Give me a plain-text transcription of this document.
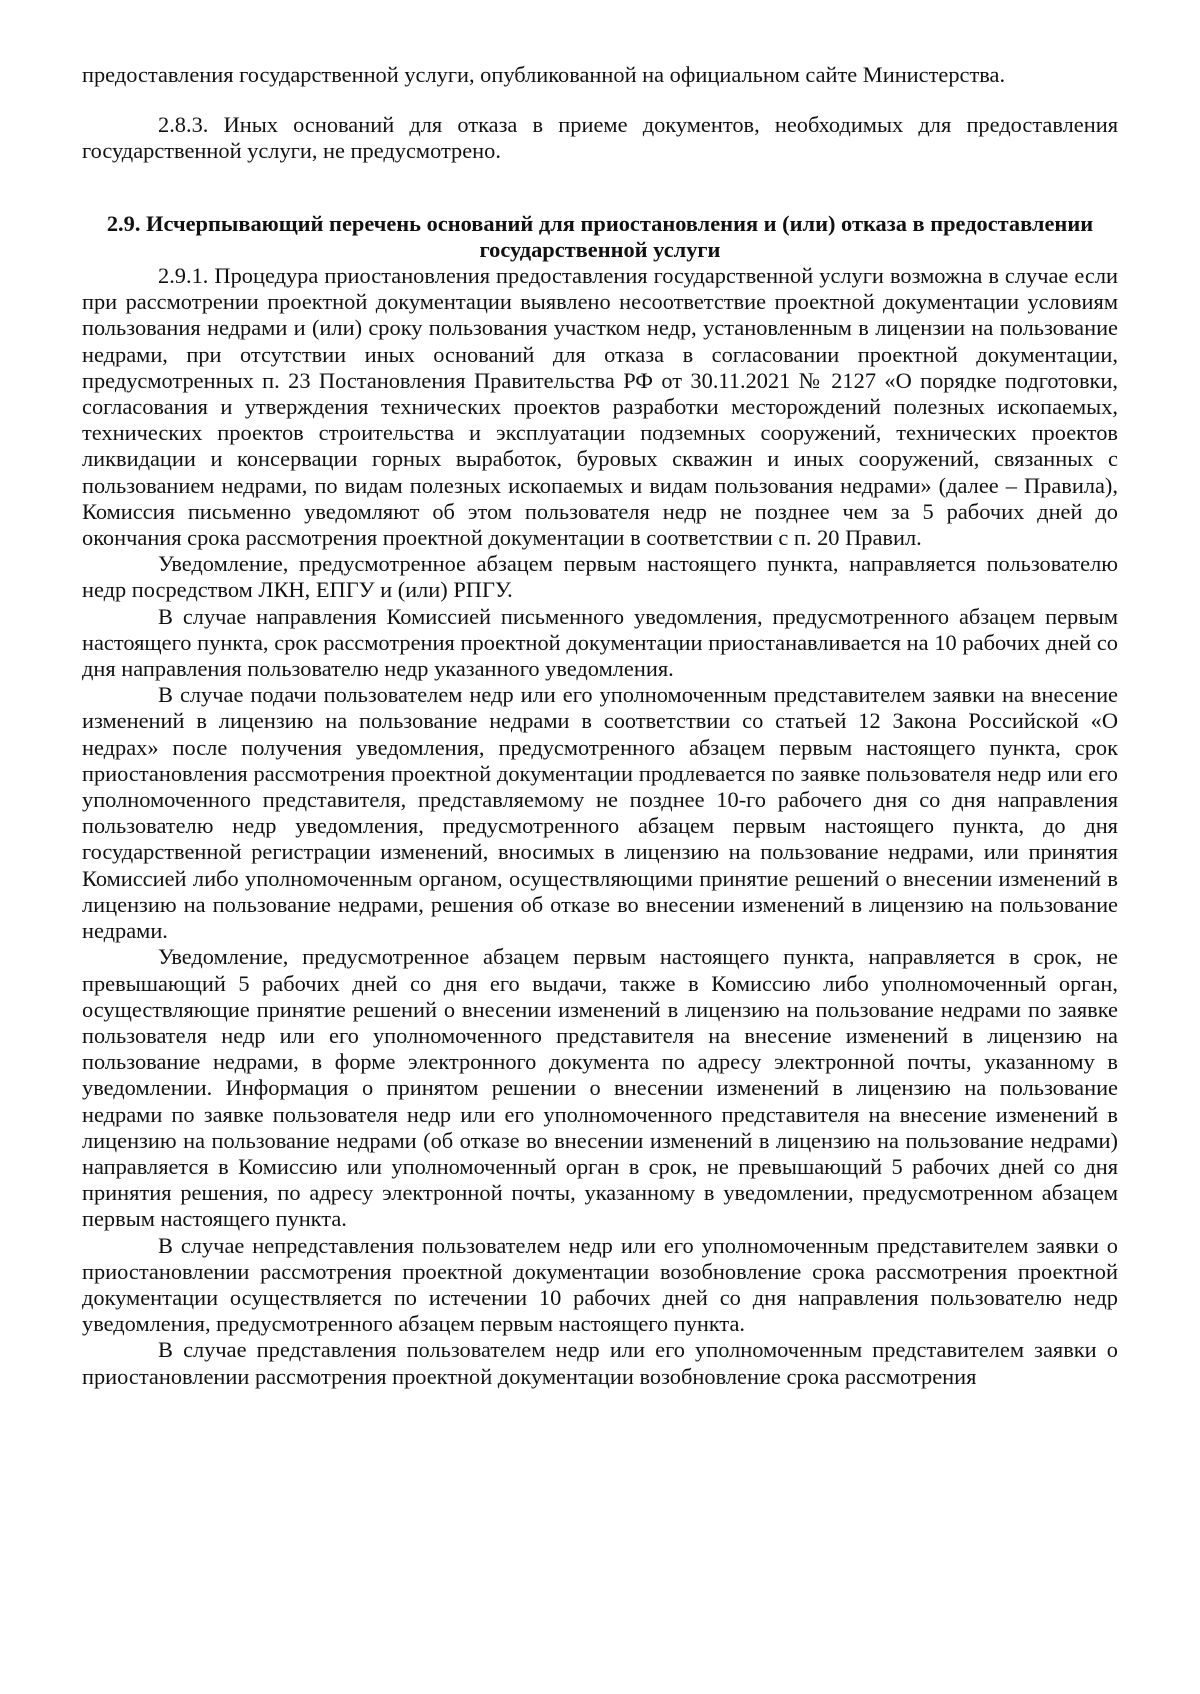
предоставления государственной услуги, опубликованной на официальном сайте Министерства.

2.8.3. Иных оснований для отказа в приеме документов, необходимых для предоставления государственной услуги, не предусмотрено.

2.9. Исчерпывающий перечень оснований для приостановления и (или) отказа в предоставлении государственной услуги

2.9.1. Процедура приостановления предоставления государственной услуги возможна в случае если при рассмотрении проектной документации выявлено несоответствие проектной документации условиям пользования недрами и (или) сроку пользования участком недр, установленным в лицензии на пользование недрами, при отсутствии иных оснований для отказа в согласовании проектной документации, предусмотренных п. 23 Постановления Правительства РФ от 30.11.2021 № 2127 «О порядке подготовки, согласования и утверждения технических проектов разработки месторождений полезных ископаемых, технических проектов строительства и эксплуатации подземных сооружений, технических проектов ликвидации и консервации горных выработок, буровых скважин и иных сооружений, связанных с пользованием недрами, по видам полезных ископаемых и видам пользования недрами» (далее – Правила), Комиссия письменно уведомляют об этом пользователя недр не позднее чем за 5 рабочих дней до окончания срока рассмотрения проектной документации в соответствии с п. 20 Правил.

Уведомление, предусмотренное абзацем первым настоящего пункта, направляется пользователю недр посредством ЛКН, ЕПГУ и (или) РПГУ.

В случае направления Комиссией письменного уведомления, предусмотренного абзацем первым настоящего пункта, срок рассмотрения проектной документации приостанавливается на 10 рабочих дней со дня направления пользователю недр указанного уведомления.

В случае подачи пользователем недр или его уполномоченным представителем заявки на внесение изменений в лицензию на пользование недрами в соответствии со статьей 12 Закона Российской «О недрах» после получения уведомления, предусмотренного абзацем первым настоящего пункта, срок приостановления рассмотрения проектной документации продлевается по заявке пользователя недр или его уполномоченного представителя, представляемому не позднее 10-го рабочего дня со дня направления пользователю недр уведомления, предусмотренного абзацем первым настоящего пункта, до дня государственной регистрации изменений, вносимых в лицензию на пользование недрами, или принятия Комиссией либо уполномоченным органом, осуществляющими принятие решений о внесении изменений в лицензию на пользование недрами, решения об отказе во внесении изменений в лицензию на пользование недрами.

Уведомление, предусмотренное абзацем первым настоящего пункта, направляется в срок, не превышающий 5 рабочих дней со дня его выдачи, также в Комиссию либо уполномоченный орган, осуществляющие принятие решений о внесении изменений в лицензию на пользование недрами по заявке пользователя недр или его уполномоченного представителя на внесение изменений в лицензию на пользование недрами, в форме электронного документа по адресу электронной почты, указанному в уведомлении. Информация о принятом решении о внесении изменений в лицензию на пользование недрами по заявке пользователя недр или его уполномоченного представителя на внесение изменений в лицензию на пользование недрами (об отказе во внесении изменений в лицензию на пользование недрами) направляется в Комиссию или уполномоченный орган в срок, не превышающий 5 рабочих дней со дня принятия решения, по адресу электронной почты, указанному в уведомлении, предусмотренном абзацем первым настоящего пункта.

В случае непредставления пользователем недр или его уполномоченным представителем заявки о приостановлении рассмотрения проектной документации возобновление срока рассмотрения проектной документации осуществляется по истечении 10 рабочих дней со дня направления пользователю недр уведомления, предусмотренного абзацем первым настоящего пункта.

В случае представления пользователем недр или его уполномоченным представителем заявки о приостановлении рассмотрения проектной документации возобновление срока рассмотрения
